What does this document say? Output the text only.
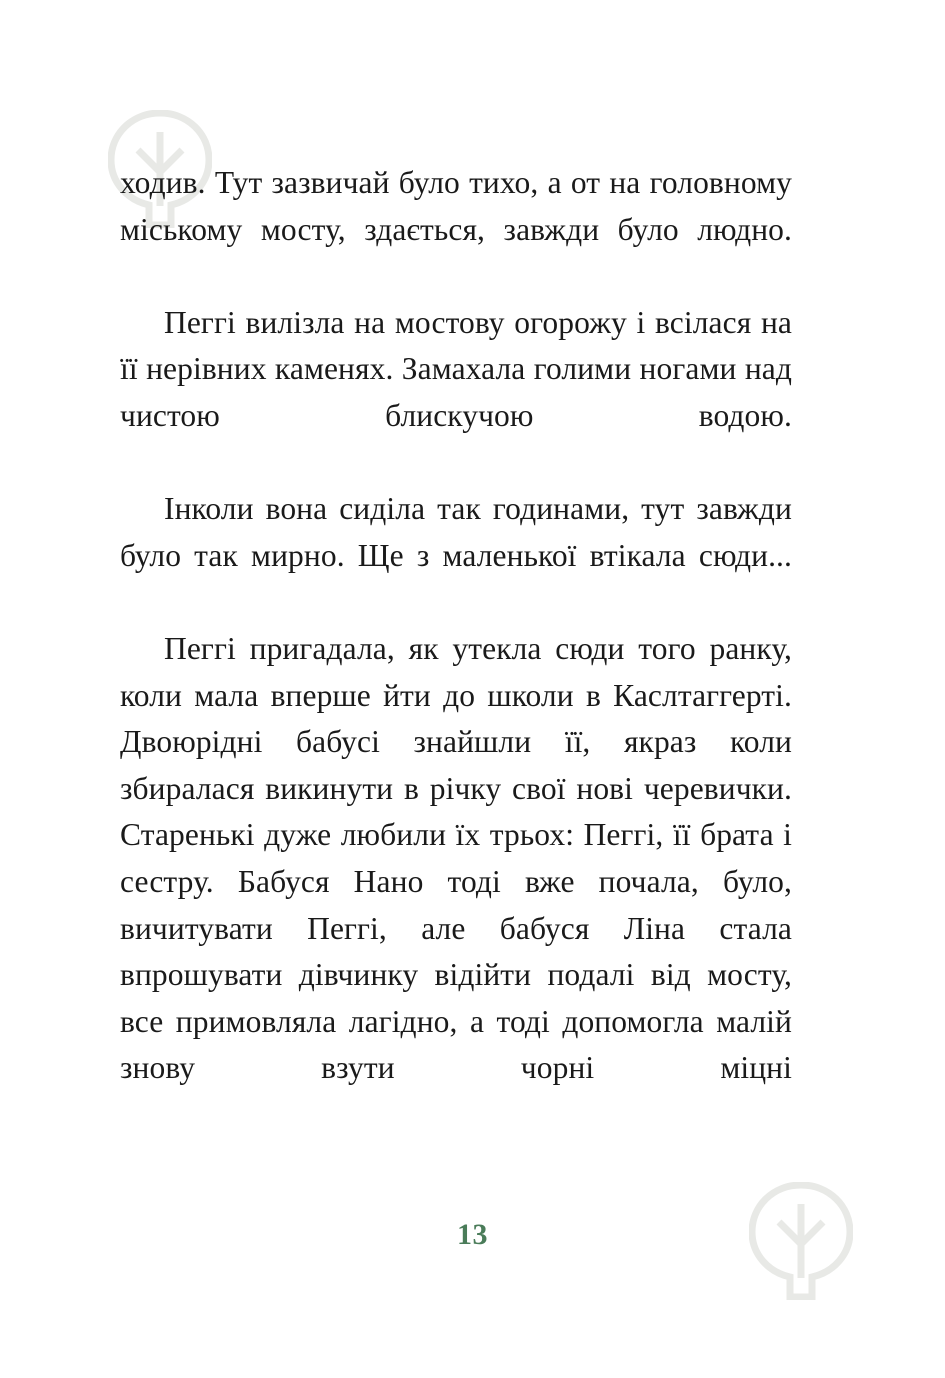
ходив. Тут зазвичай було тихо, а от на головному міському мосту, здається, завжди було людно.

Пеггі вилізла на мостову огорожу і всілася на її нерівних каменях. Замахала голими ногами над чистою блискучою водою.

Інколи вона сиділа так годинами, тут завжди було так мирно. Ще з маленької втікала сюди...

Пеггі пригадала, як утекла сюди того ранку, коли мала вперше йти до школи в Каслтаггерті. Двоюрідні бабусі знайшли її, якраз коли збиралася викинути в річку свої нові черевички. Старенькі дуже любили їх трьох: Пеггі, її брата і сестру. Бабуся Нано тоді вже почала, було, вичитувати Пеггі, але бабуся Ліна стала впрошувати дівчинку відійти подалі від мосту, все примовляла лагідно, а тоді допомогла малій знову взути чорні міцні

13
